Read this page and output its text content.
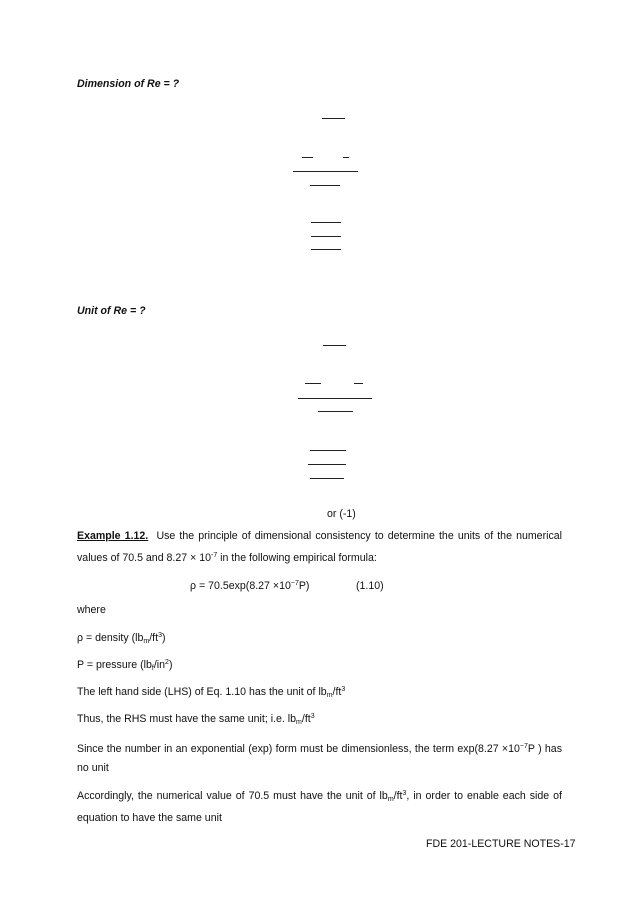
Dimension of Re = ?
Unit of Re = ?
or (-1)
Example 1.12. Use the principle of dimensional consistency to determine the units of the numerical values of 70.5 and $8.27 \times 10^{-7}$ in the following empirical formula:
$\rho = 70.5\exp(8.27 \times 10^{-7}P)$	(1.10)
where
ρ = density $(lb_m/ft^3)$
P = pressure $(lb_f/in^2)$
The left hand side (LHS) of Eq. 1.10 has the unit of $lb_m/ft^3$
Thus, the RHS must have the same unit; i.e. $lb_m/ft^3$
Since the number in an exponential (exp) form must be dimensionless, the term $\exp(8.27 \times 10^{-7}P$ ) has no unit
Accordingly, the numerical value of 70.5 must have the unit of $lb_m/ft^3$, in order to enable each side of equation to have the same unit
FDE 201-LECTURE NOTES-17
